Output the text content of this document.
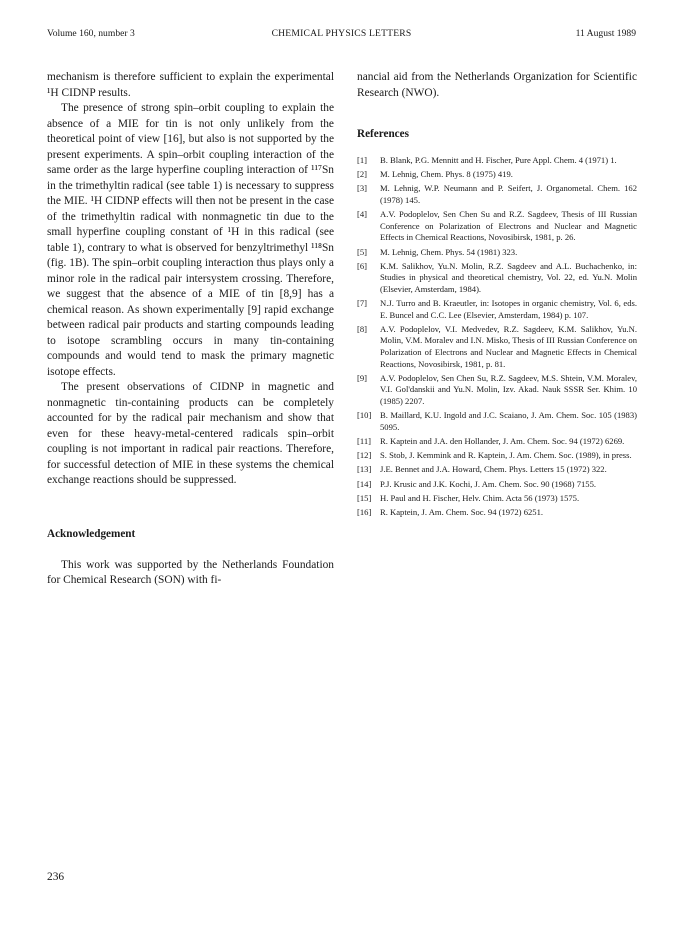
Volume 160, number 3	CHEMICAL PHYSICS LETTERS	11 August 1989

mechanism is therefore sufficient to explain the experimental ¹H CIDNP results.

The presence of strong spin–orbit coupling to explain the absence of a MIE for tin is not only unlikely from the theoretical point of view [16], but also is not supported by the present experiments. A spin–orbit coupling interaction of the same order as the large hyperfine coupling interaction of ¹¹⁷Sn in the trimethyltin radical (see table 1) is necessary to suppress the MIE. ¹H CIDNP effects will then not be present in the case of the trimethyltin radical with nonmagnetic tin due to the small hyperfine coupling constant of ¹H in this radical (see table 1), contrary to what is observed for benzyltrimethyl ¹¹⁸Sn (fig. 1B). The spin–orbit coupling interaction thus plays only a minor role in the radical pair intersystem crossing. Therefore, we suggest that the absence of a MIE of tin [8,9] has a chemical reason. As shown experimentally [9] rapid exchange between radical pair products and starting compounds leading to isotope scrambling occurs in many tin-containing compounds and would tend to mask the primary magnetic isotope effects.

The present observations of CIDNP in magnetic and nonmagnetic tin-containing products can be completely accounted for by the radical pair mechanism and show that even for these heavy-metal-centered radicals spin–orbit coupling is not important in radical pair reactions. Therefore, for successful detection of MIE in these systems the chemical exchange reactions should be suppressed.

Acknowledgement

This work was supported by the Netherlands Foundation for Chemical Research (SON) with fi-

nancial aid from the Netherlands Organization for Scientific Research (NWO).

References
[1]	B. Blank, P.G. Mennitt and H. Fischer, Pure Appl. Chem. 4 (1971) 1.
[2]	M. Lehnig, Chem. Phys. 8 (1975) 419.
[3]	M. Lehnig, W.P. Neumann and P. Seifert, J. Organometal. Chem. 162 (1978) 145.
[4]	A.V. Podoplelov, Sen Chen Su and R.Z. Sagdeev, Thesis of III Russian Conference on Polarization of Electrons and Nuclear and Magnetic Effects in Chemical Reactions, Novosibirsk, 1981, p. 26.
[5]	M. Lehnig, Chem. Phys. 54 (1981) 323.
[6]	K.M. Salikhov, Yu.N. Molin, R.Z. Sagdeev and A.L. Buchachenko, in: Studies in physical and theoretical chemistry, Vol. 22, ed. Yu.N. Molin (Elsevier, Amsterdam, 1984).
[7]	N.J. Turro and B. Kraeutler, in: Isotopes in organic chemistry, Vol. 6, eds. E. Buncel and C.C. Lee (Elsevier, Amsterdam, 1984) p. 107.
[8]	A.V. Podoplelov, V.I. Medvedev, R.Z. Sagdeev, K.M. Salikhov, Yu.N. Molin, V.M. Moralev and I.N. Misko, Thesis of III Russian Conference on Polarization of Electrons and Nuclear and Magnetic Effects in Chemical Reactions, Novosibirsk, 1981, p. 81.
[9]	A.V. Podoplelov, Sen Chen Su, R.Z. Sagdeev, M.S. Shtein, V.M. Moralev, V.I. Gol'danskii and Yu.N. Molin, Izv. Akad. Nauk SSSR Ser. Khim. 10 (1985) 2207.
[10]	B. Maillard, K.U. Ingold and J.C. Scaiano, J. Am. Chem. Soc. 105 (1983) 5095.
[11]	R. Kaptein and J.A. den Hollander, J. Am. Chem. Soc. 94 (1972) 6269.
[12]	S. Stob, J. Kemmink and R. Kaptein, J. Am. Chem. Soc. (1989), in press.
[13]	J.E. Bennet and J.A. Howard, Chem. Phys. Letters 15 (1972) 322.
[14]	P.J. Krusic and J.K. Kochi, J. Am. Chem. Soc. 90 (1968) 7155.
[15]	H. Paul and H. Fischer, Helv. Chim. Acta 56 (1973) 1575.
[16]	R. Kaptein, J. Am. Chem. Soc. 94 (1972) 6251.
236
